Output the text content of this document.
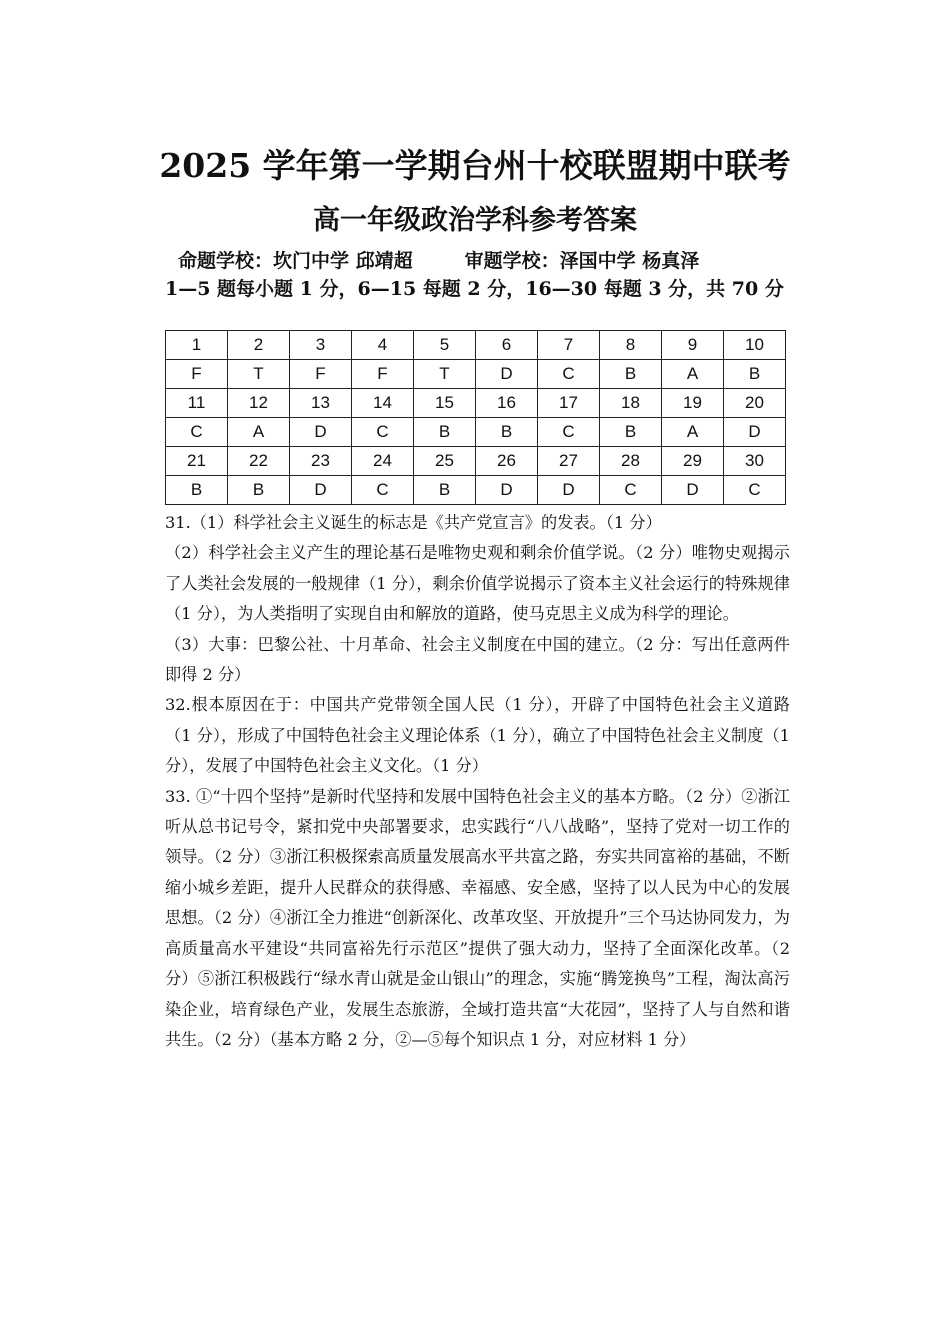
2025 学年第一学期台州十校联盟期中联考
高一年级政治学科参考答案
命题学校：坎门中学 邱靖超	审题学校：泽国中学 杨真泽
1—5 题每小题 1 分，6—15 每题 2 分，16—30 每题 3 分，共 70 分
1	2	3	4	5	6	7	8	9	10
F	T	F	F	T	D	C	B	A	B
11	12	13	14	15	16	17	18	19	20
C	A	D	C	B	B	C	B	A	D
21	22	23	24	25	26	27	28	29	30
B	B	D	C	B	D	D	C	D	C

31.（1）科学社会主义诞生的标志是《共产党宣言》的发表。（1 分）

（2）科学社会主义产生的理论基石是唯物史观和剩余价值学说。（2 分）唯物史观揭示了人类社会发展的一般规律（1 分），剩余价值学说揭示了资本主义社会运行的特殊规律（1 分），为人类指明了实现自由和解放的道路，使马克思主义成为科学的理论。

（3）大事：巴黎公社、十月革命、社会主义制度在中国的建立。（2 分：写出任意两件即得 2 分）

32.根本原因在于：中国共产党带领全国人民（1 分），开辟了中国特色社会主义道路（1 分），形成了中国特色社会主义理论体系（1 分），确立了中国特色社会主义制度（1 分），发展了中国特色社会主义文化。（1 分）

33. ①“十四个坚持”是新时代坚持和发展中国特色社会主义的基本方略。（2 分）②浙江听从总书记号令，紧扣党中央部署要求，忠实践行“八八战略”，坚持了党对一切工作的领导。（2 分）③浙江积极探索高质量发展高水平共富之路，夯实共同富裕的基础，不断缩小城乡差距，提升人民群众的获得感、幸福感、安全感，坚持了以人民为中心的发展思想。（2 分）④浙江全力推进“创新深化、改革攻坚、开放提升”三个马达协同发力，为高质量高水平建设“共同富裕先行示范区”提供了强大动力，坚持了全面深化改革。（2 分）⑤浙江积极践行“绿水青山就是金山银山”的理念，实施“腾笼换鸟”工程，淘汰高污染企业，培育绿色产业，发展生态旅游，全域打造共富“大花园”，坚持了人与自然和谐共生。（2 分）（基本方略 2 分，②—⑤每个知识点 1 分，对应材料 1 分）
